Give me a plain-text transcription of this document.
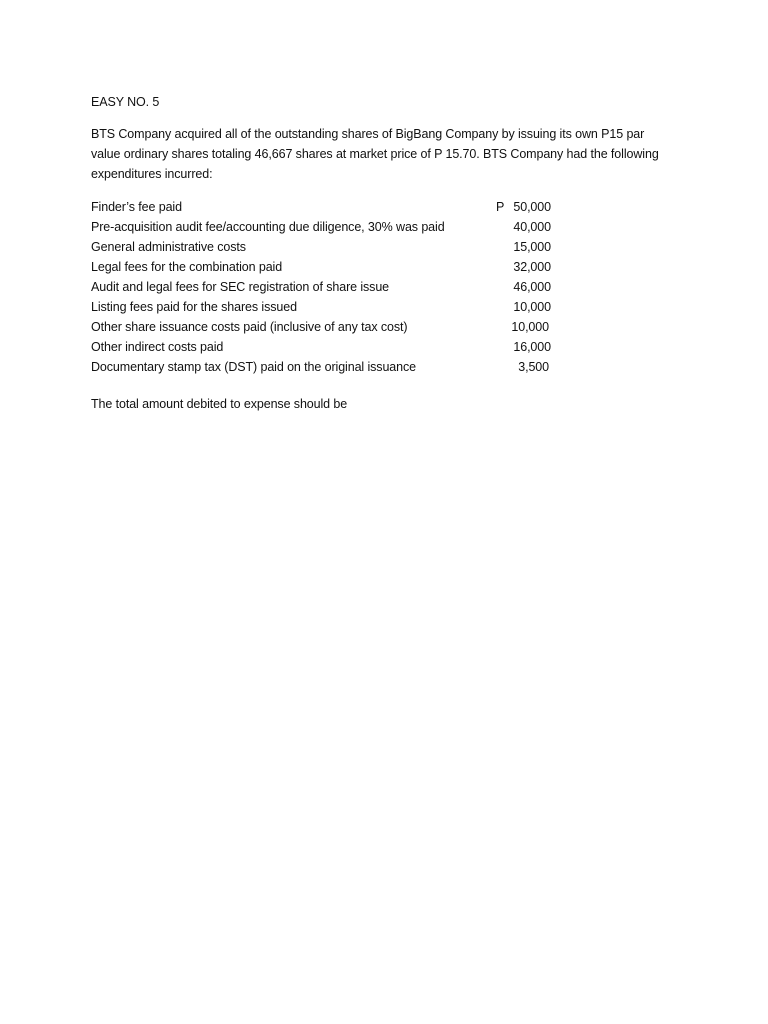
EASY NO. 5
BTS Company acquired all of the outstanding shares of BigBang Company by issuing its own P15 par
value ordinary shares totaling 46,667 shares at market price of P 15.70. BTS Company had the following
expenditures incurred:
Finder’s fee paid	P 50,000
Pre-acquisition audit fee/accounting due diligence, 30% was paid	40,000
General administrative costs	15,000
Legal fees for the combination paid	32,000
Audit and legal fees for SEC registration of share issue	46,000
Listing fees paid for the shares issued	10,000
Other share issuance costs paid (inclusive of any tax cost)	10,000
Other indirect costs paid	16,000
Documentary stamp tax (DST) paid on the original issuance	3,500
The total amount debited to expense should be
